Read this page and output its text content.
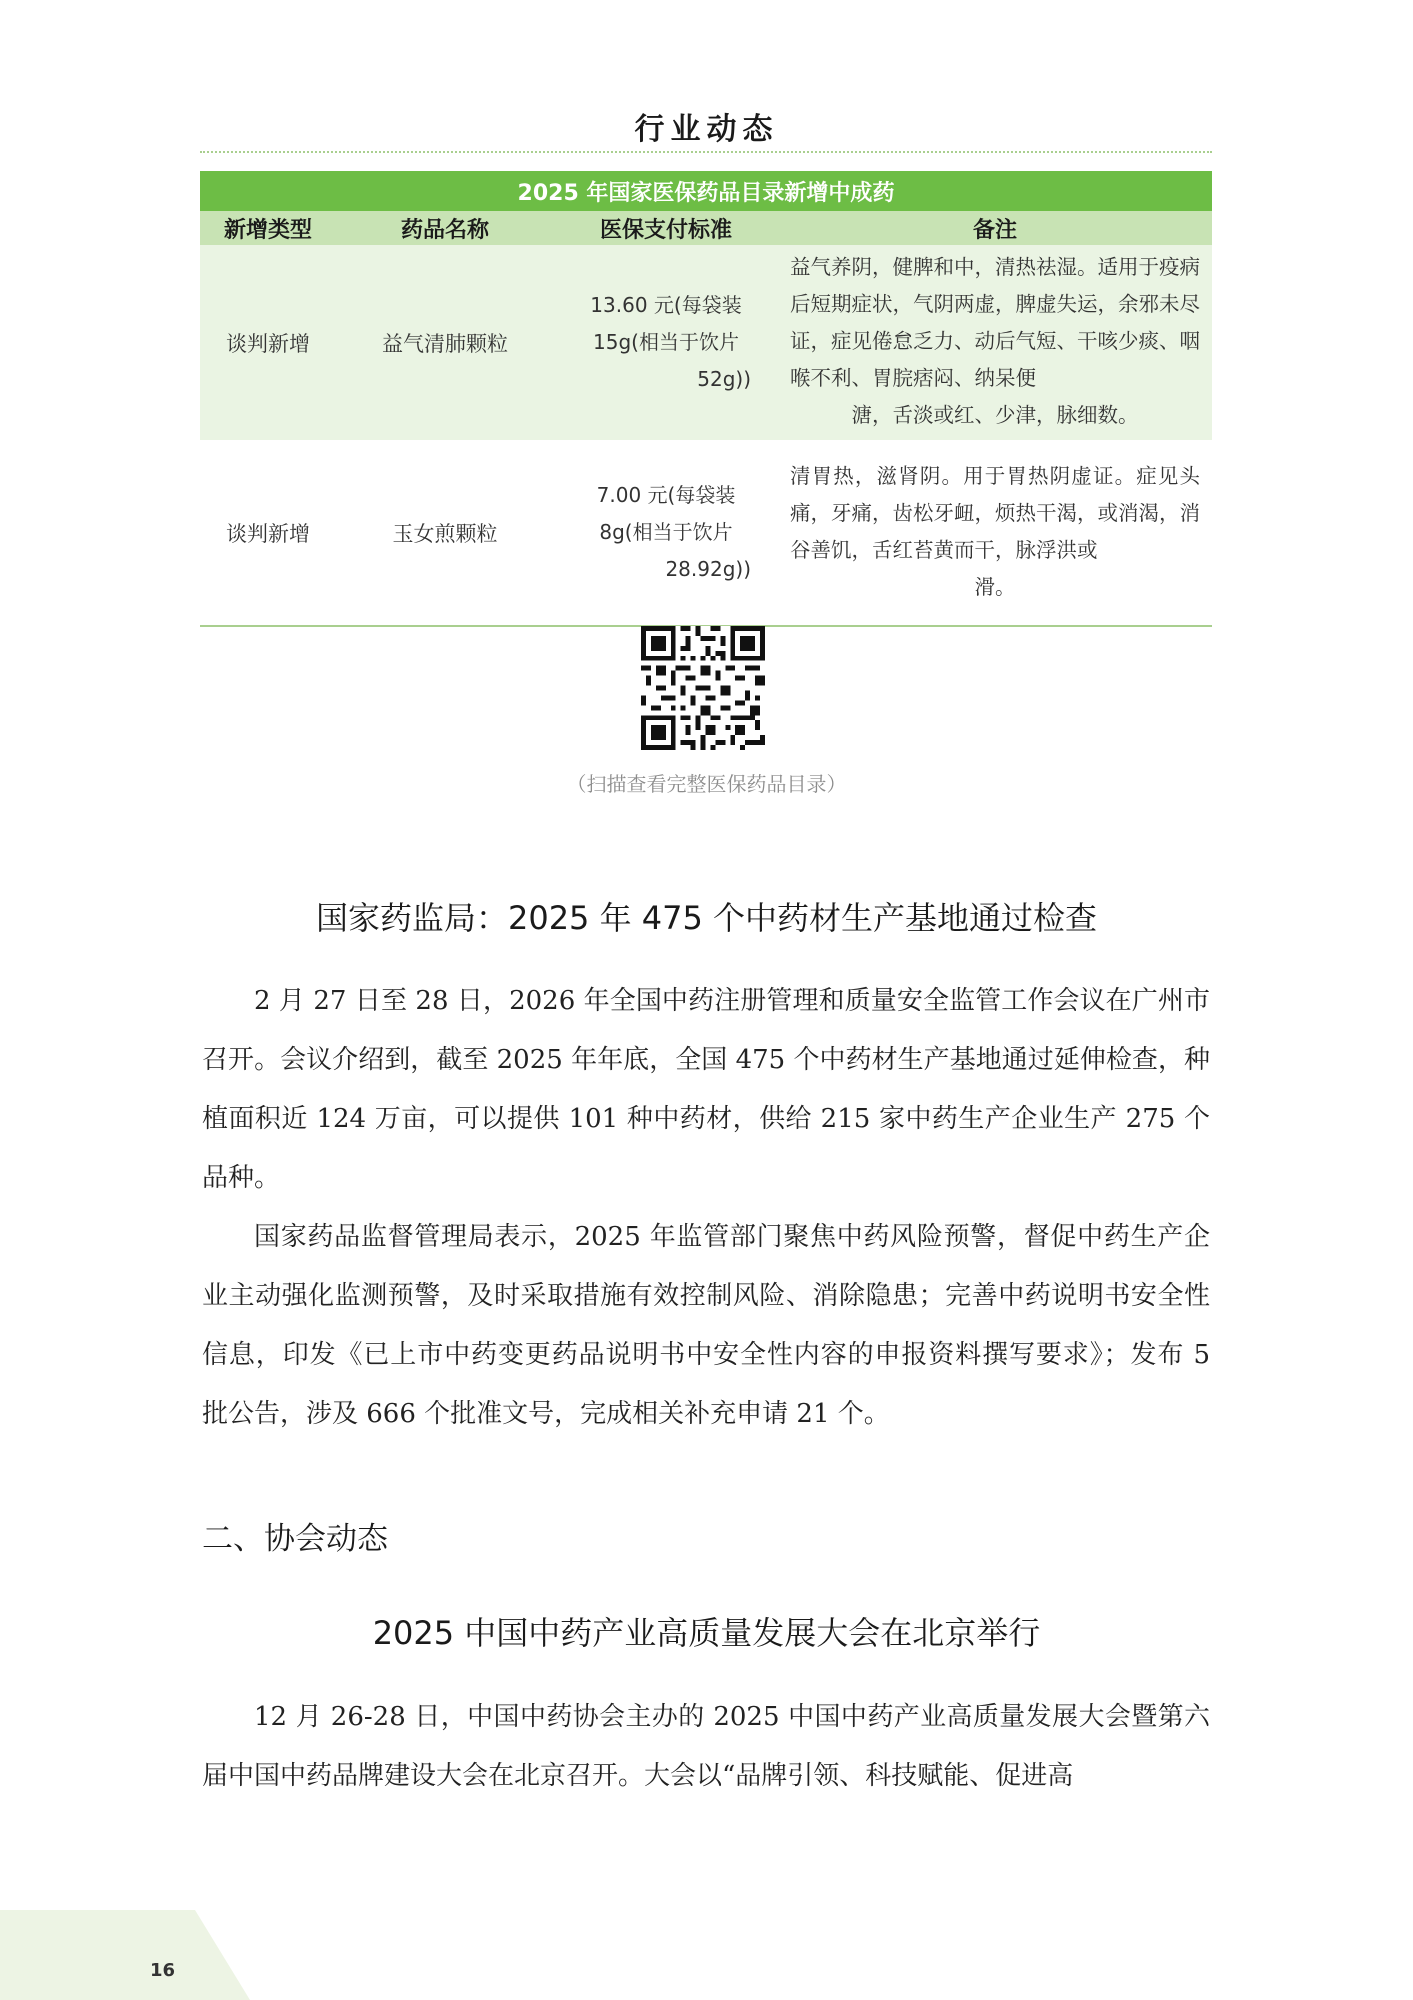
行业动态
2025 年国家医保药品目录新增中成药			
新增类型	药品名称	医保支付标准	备注
谈判新增	益气清肺颗粒	13.60 元(每袋装
15g(相当于饮片
52g))	益气养阴，健脾和中，清热祛湿。适用于疫病后短期症状，气阴两虚，脾虚失运，余邪未尽证，症见倦怠乏力、动后气短、干咳少痰、咽喉不利、胃脘痞闷、纳呆便
溏，舌淡或红、少津，脉细数。

谈判新增	玉女煎颗粒	7.00 元(每袋装
8g(相当于饮片
28.92g))	清胃热，滋肾阴。用于胃热阴虚证。症见头痛，牙痛，齿松牙衄，烦热干渴，或消渴，消谷善饥，舌红苔黄而干，脉浮洪或
滑。
（扫描查看完整医保药品目录）
国家药监局：2025 年 475 个中药材生产基地通过检查

2 月 27 日至 28 日，2026 年全国中药注册管理和质量安全监管工作会议在广州市召开。会议介绍到，截至 2025 年年底，全国 475 个中药材生产基地通过延伸检查，种植面积近 124 万亩，可以提供 101 种中药材，供给 215 家中药生产企业生产 275 个品种。

国家药品监督管理局表示，2025 年监管部门聚焦中药风险预警，督促中药生产企业主动强化监测预警，及时采取措施有效控制风险、消除隐患；完善中药说明书安全性信息，印发《已上市中药变更药品说明书中安全性内容的申报资料撰写要求》；发布 5 批公告，涉及 666 个批准文号，完成相关补充申请 21 个。

二、协会动态
2025 中国中药产业高质量发展大会在北京举行

12 月 26-28 日，中国中药协会主办的 2025 中国中药产业高质量发展大会暨第六届中国中药品牌建设大会在北京召开。大会以“品牌引领、科技赋能、促进高

16
